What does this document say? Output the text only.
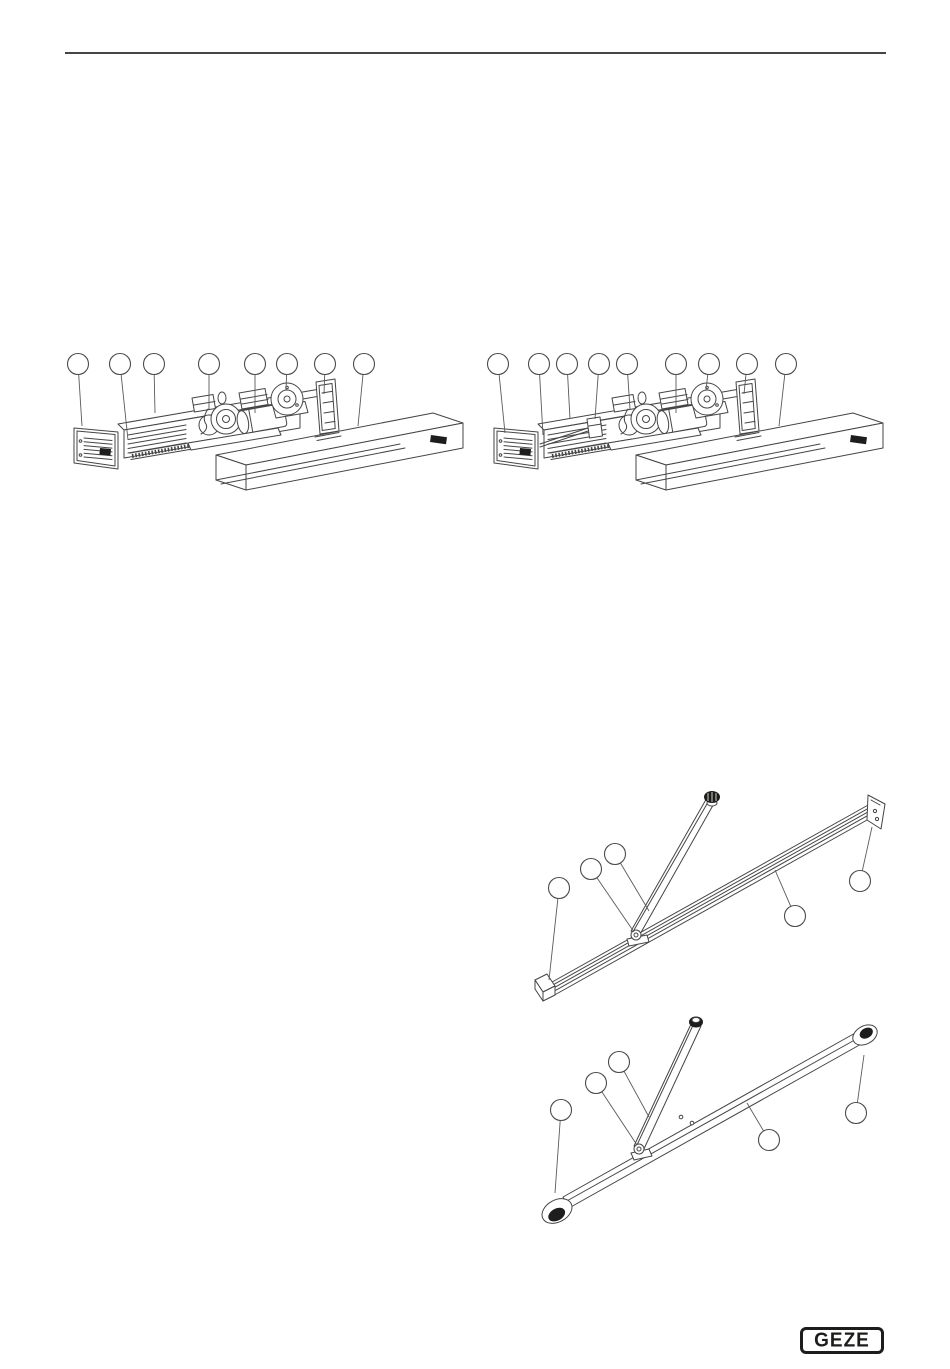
GEZE
